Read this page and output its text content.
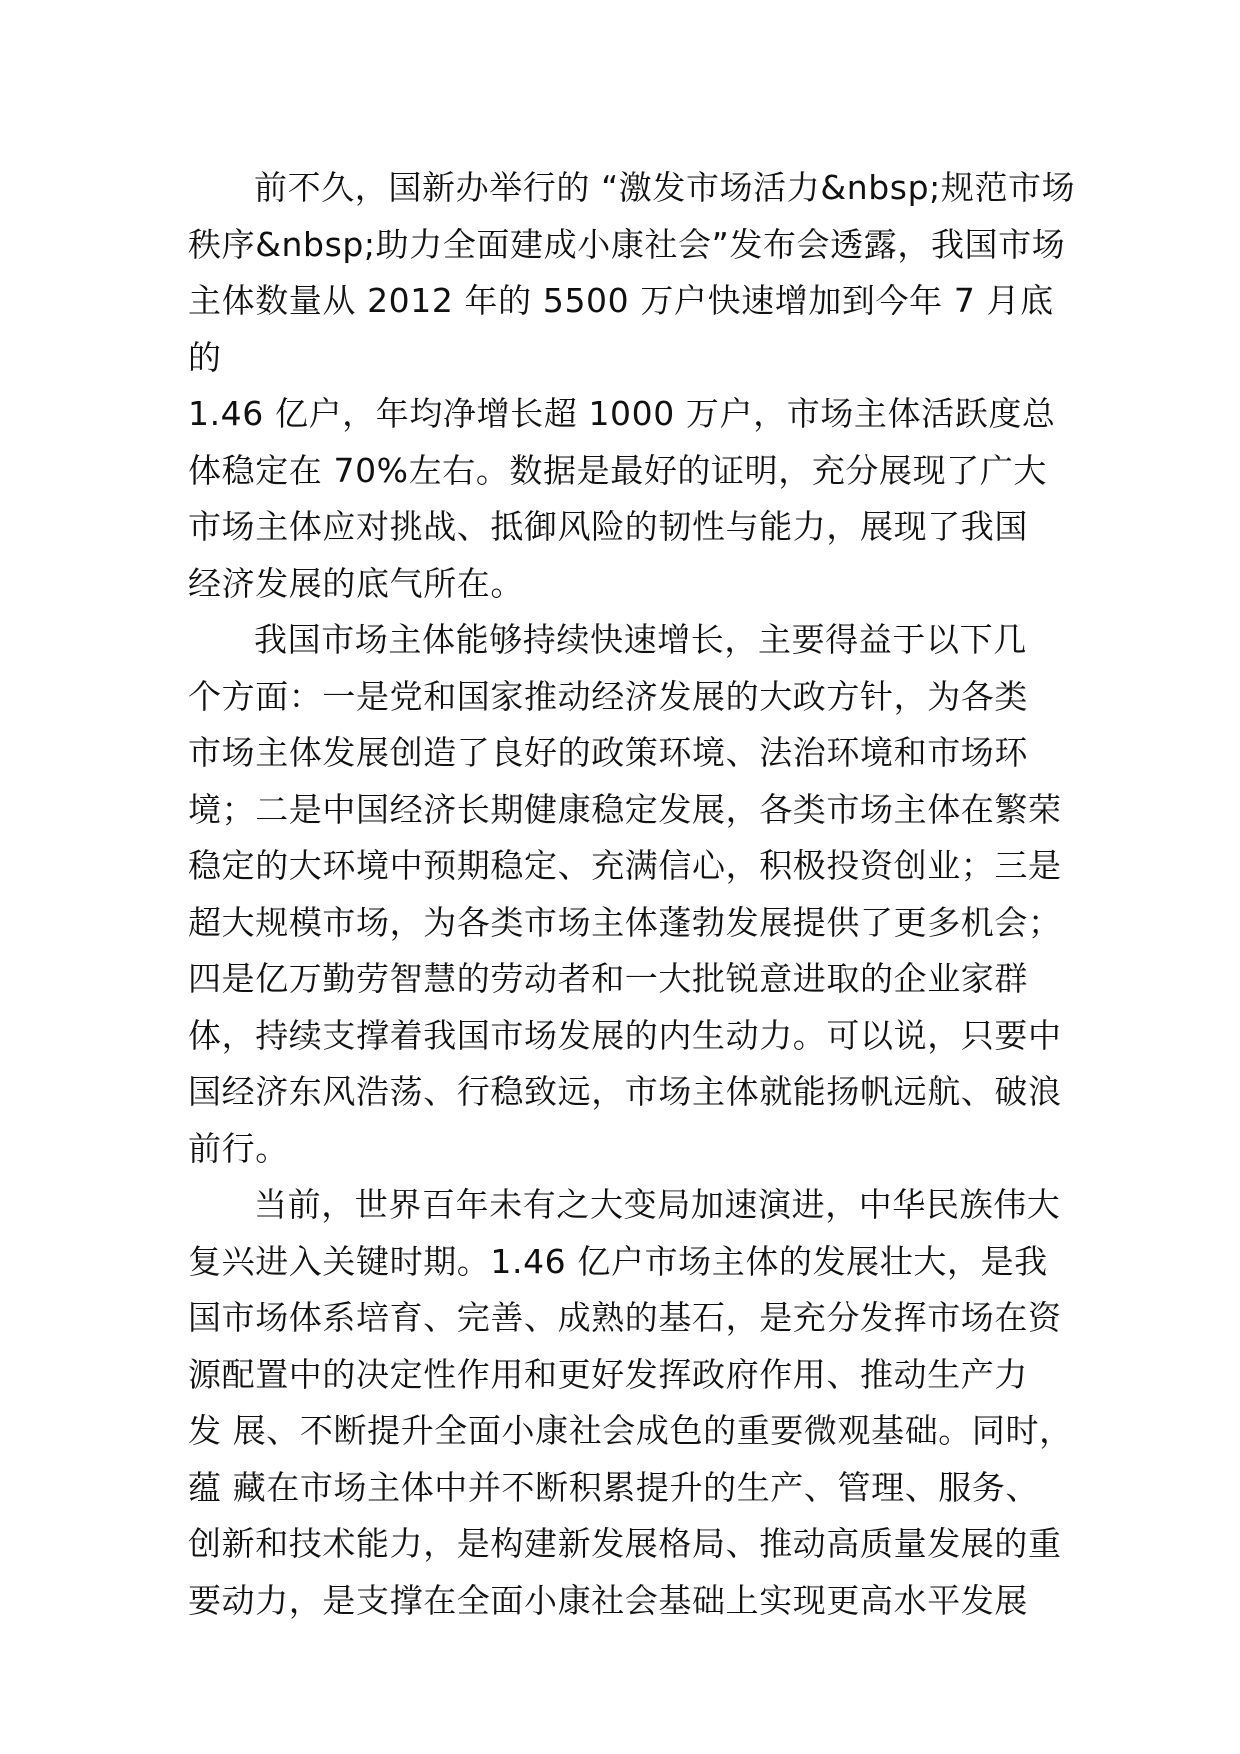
前不久，国新办举行的 “激发市场活力&nbsp;规范市场
秩序&nbsp;助力全面建成小康社会”发布会透露，我国市场
主体数量从 2012 年的 5500 万户快速增加到今年 7 月底
的
1.46 亿户，年均净增长超 1000 万户，市场主体活跃度总
体稳定在 70%左右。数据是最好的证明，充分展现了广大
市场主体应对挑战、抵御风险的韧性与能力，展现了我国
经济发展的底气所在。
我国市场主体能够持续快速增长，主要得益于以下几
个方面：一是党和国家推动经济发展的大政方针，为各类
市场主体发展创造了良好的政策环境、法治环境和市场环
境；二是中国经济长期健康稳定发展，各类市场主体在繁荣
稳定的大环境中预期稳定、充满信心，积极投资创业；三是
超大规模市场，为各类市场主体蓬勃发展提供了更多机会；
四是亿万勤劳智慧的劳动者和一大批锐意进取的企业家群
体，持续支撑着我国市场发展的内生动力。可以说，只要中
国经济东风浩荡、行稳致远，市场主体就能扬帆远航、破浪
前行。
当前，世界百年未有之大变局加速演进，中华民族伟大
复兴进入关键时期。1.46 亿户市场主体的发展壮大，是我
国市场体系培育、完善、成熟的基石，是充分发挥市场在资
源配置中的决定性作用和更好发挥政府作用、推动生产力
发 展、不断提升全面小康社会成色的重要微观基础。同时，
蕴 藏在市场主体中并不断积累提升的生产、管理、服务、
创新和技术能力，是构建新发展格局、推动高质量发展的重
要动力，是支撑在全面小康社会基础上实现更高水平发展
